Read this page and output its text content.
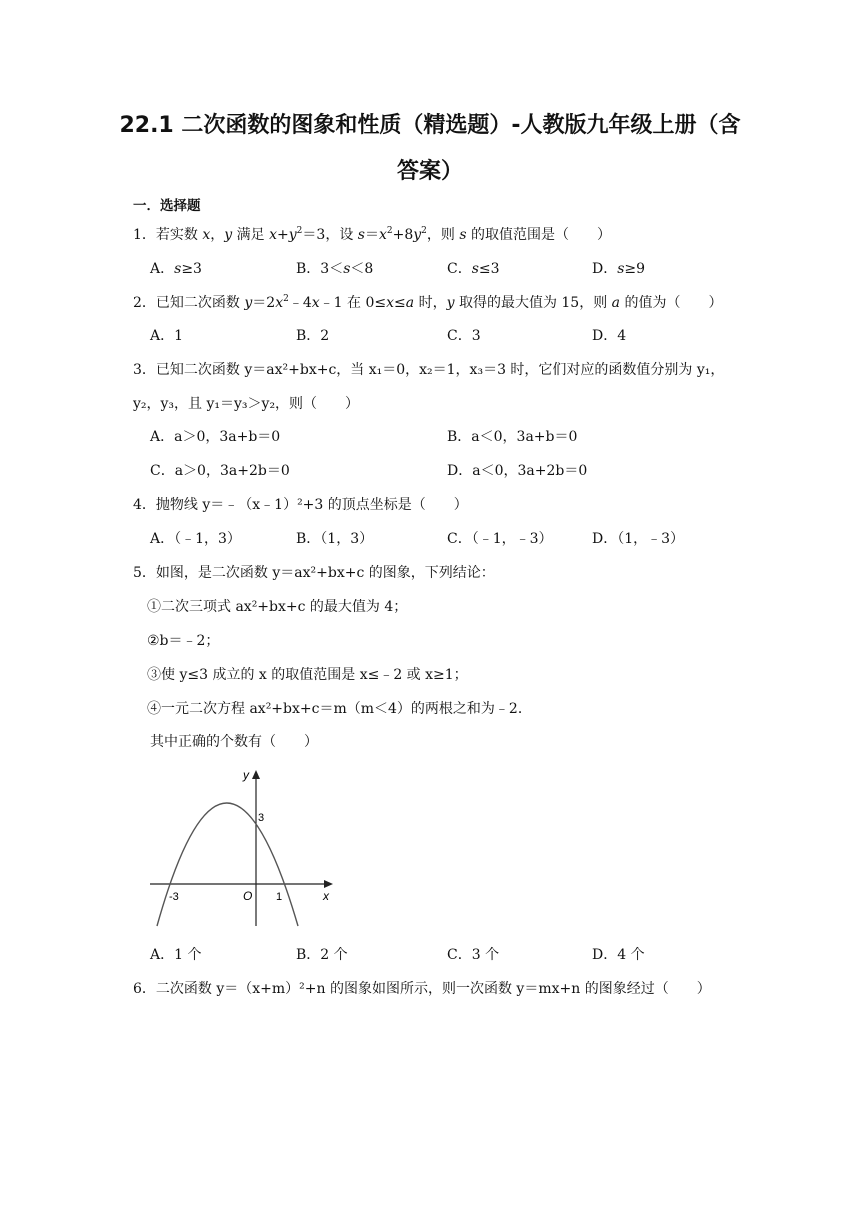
22.1 二次函数的图象和性质（精选题）-人教版九年级上册（含
答案）
一．选择题
1．若实数 x，y 满足 $x+y^2=3$，设 $s=x^2+8y^2$，则 s 的取值范围是（　　）
A．s≥3	B．3＜s＜8	C．s≤3	D．s≥9
2．已知二次函数 $y=2x^2﹣4x﹣1$ 在 0≤x≤a 时，y 取得的最大值为 15，则 a 的值为（　　）
A．1	B．2	C．3	D．4
3．已知二次函数 y＝ax²+bx+c，当 x₁＝0，x₂＝1，x₃＝3 时，它们对应的函数值分别为 y₁，
y₂，y₃，且 y₁＝y₃＞y₂，则（　　）
A．a＞0，3a+b＝0	B．a＜0，3a+b＝0
C．a＞0，3a+2b＝0	D．a＜0，3a+2b＝0
4．抛物线 y＝﹣（x﹣1）²+3 的顶点坐标是（　　）
A．（﹣1，3）	B．（1，3）	C．（﹣1，﹣3）	D．（1，﹣3）
5．如图，是二次函数 y＝ax²+bx+c 的图象，下列结论：
①二次三项式 ax²+bx+c 的最大值为 4；
②b＝﹣2；
③使 y≤3 成立的 x 的取值范围是 x≤﹣2 或 x≥1；
④一元二次方程 ax²+bx+c＝m（m＜4）的两根之和为﹣2．
其中正确的个数有（　　）
y
x
O
-3	1
3
A．1 个	B．2 个	C．3 个	D．4 个
6．二次函数 y＝（x+m）²+n 的图象如图所示，则一次函数 y＝mx+n 的图象经过（　　）
